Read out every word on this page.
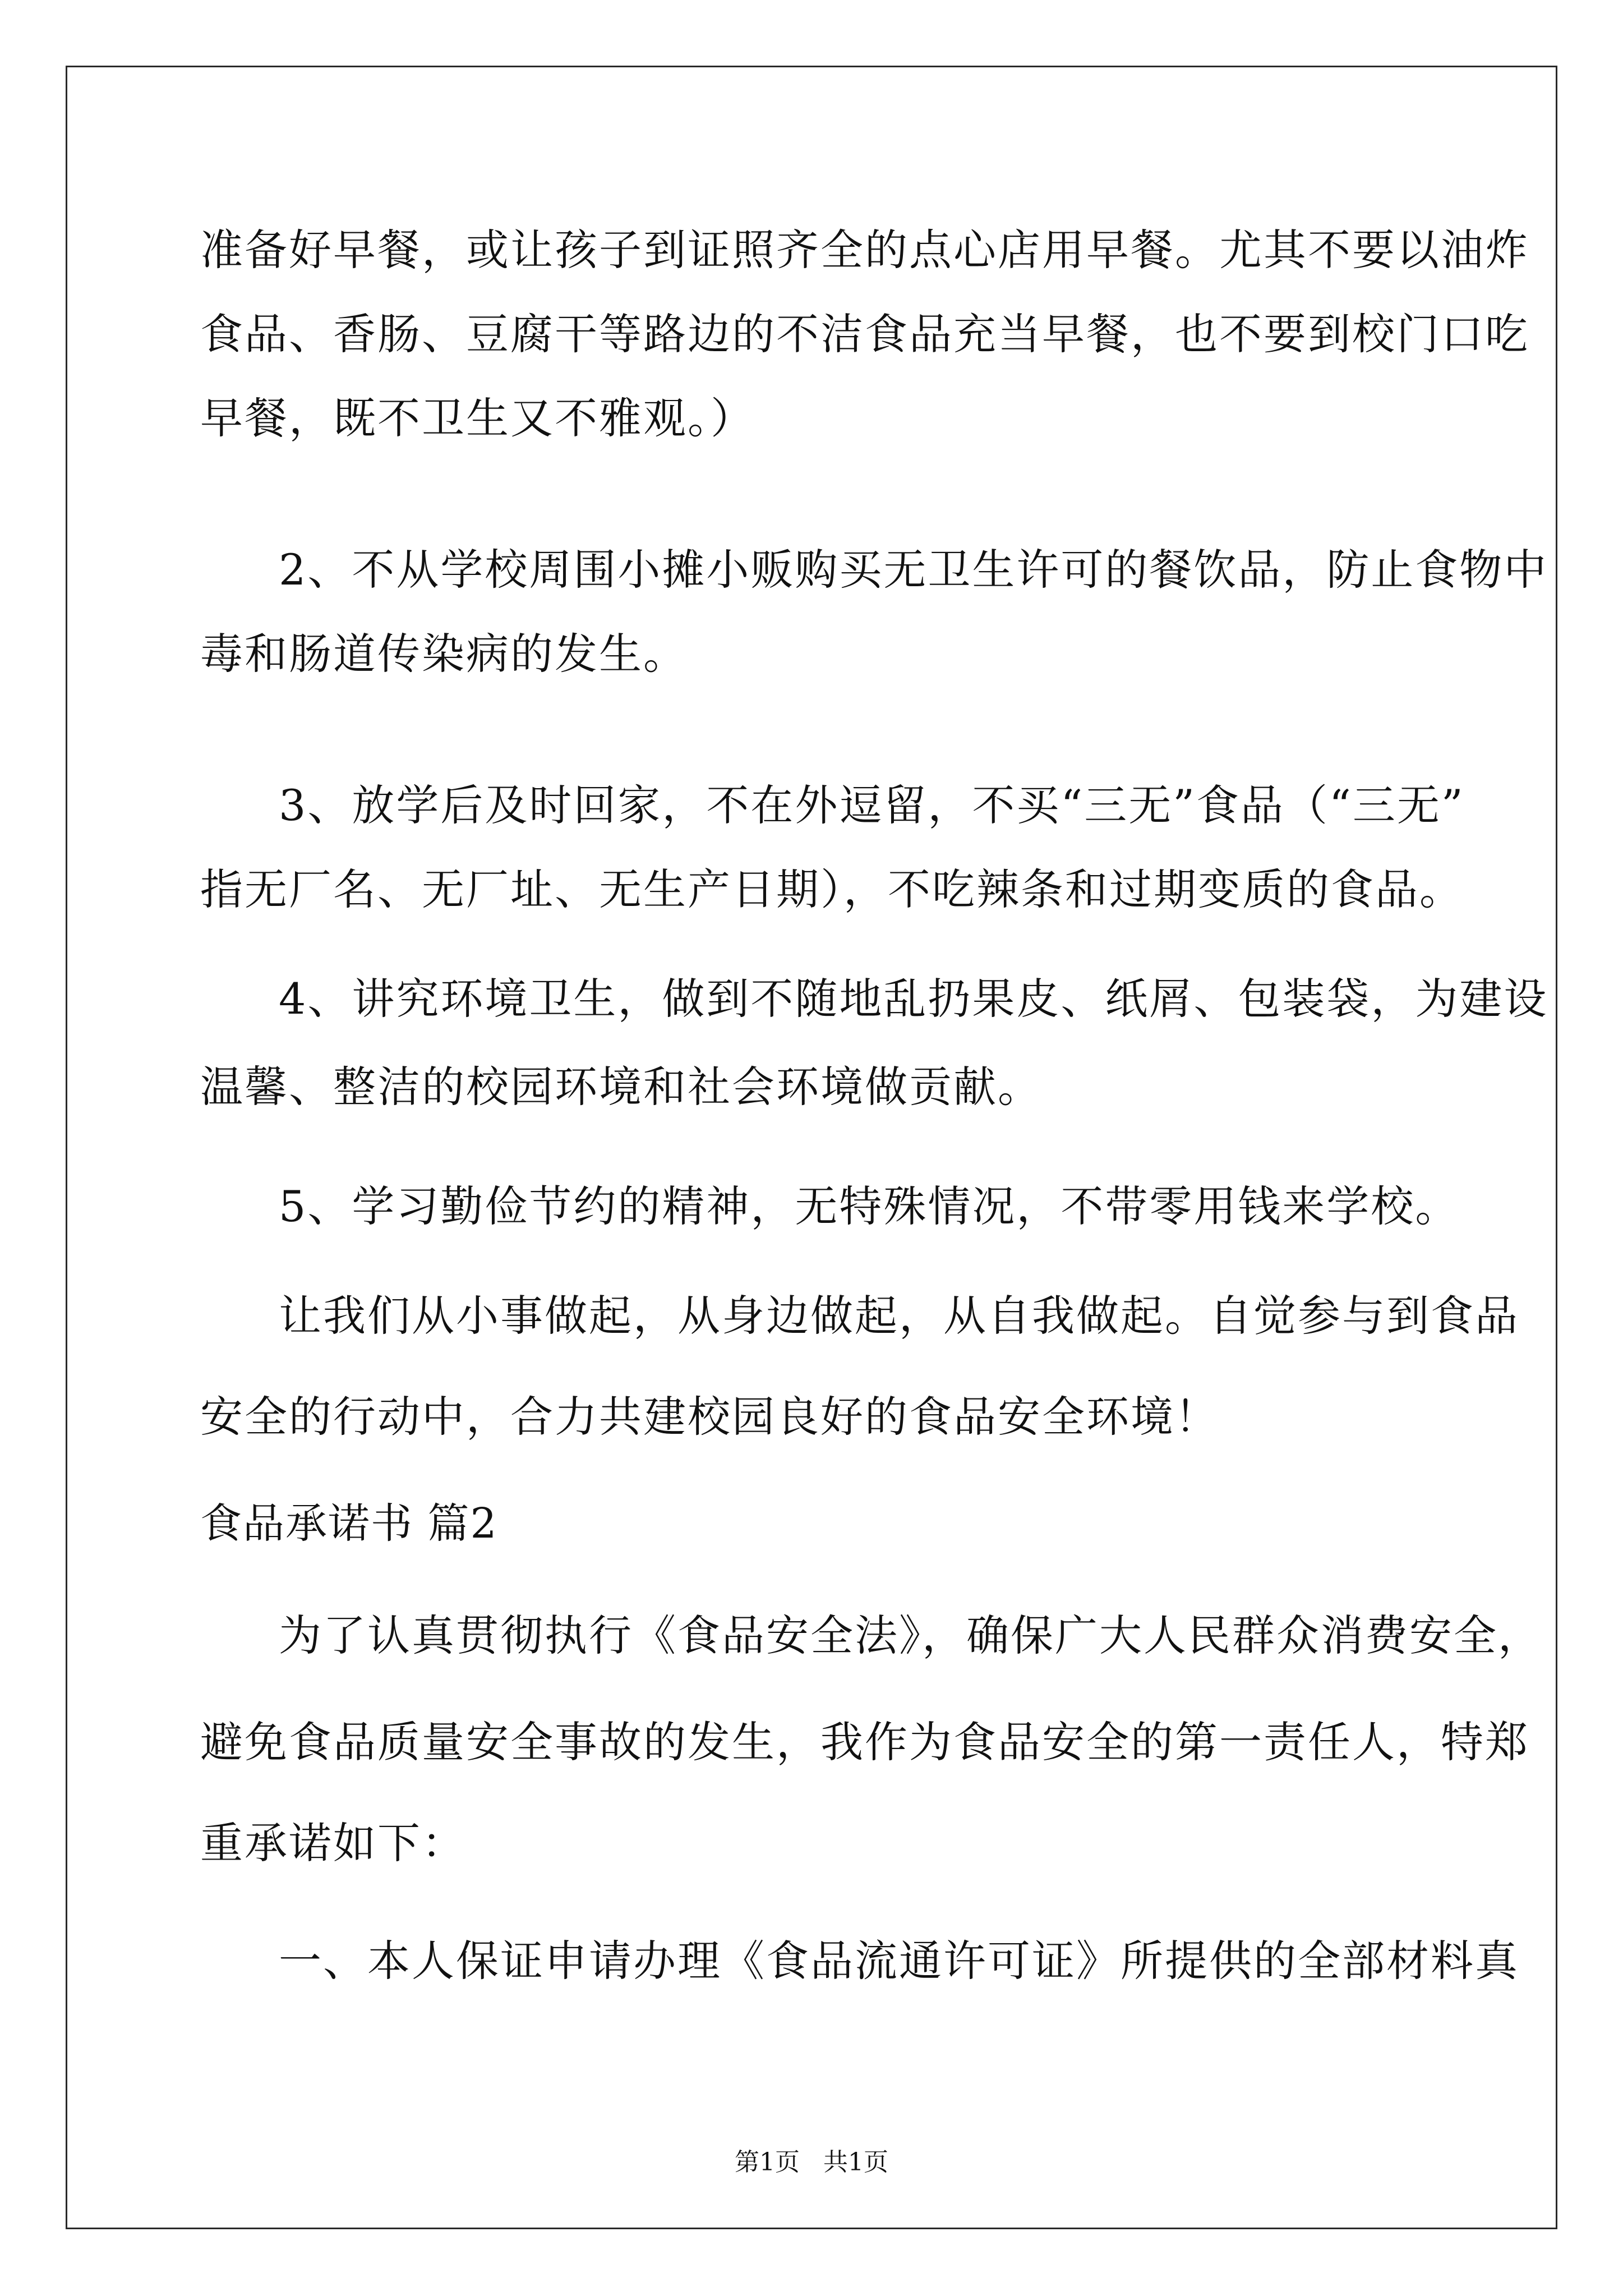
准备好早餐，或让孩子到证照齐全的点心店用早餐。尤其不要以油炸
食品、香肠、豆腐干等路边的不洁食品充当早餐，也不要到校门口吃
早餐，既不卫生又不雅观。）
2、不从学校周围小摊小贩购买无卫生许可的餐饮品，防止食物中
毒和肠道传染病的发生。
3、放学后及时回家，不在外逗留，不买“三无”食品（“三无”
指无厂名、无厂址、无生产日期），不吃辣条和过期变质的食品。
4、讲究环境卫生，做到不随地乱扔果皮、纸屑、包装袋，为建设
温馨、整洁的校园环境和社会环境做贡献。
5、学习勤俭节约的精神，无特殊情况，不带零用钱来学校。
让我们从小事做起，从身边做起，从自我做起。自觉参与到食品
安全的行动中，合力共建校园良好的食品安全环境！
食品承诺书 篇2
为了认真贯彻执行《食品安全法》，确保广大人民群众消费安全，
避免食品质量安全事故的发生，我作为食品安全的第一责任人，特郑
重承诺如下：
一、本人保证申请办理《食品流通许可证》所提供的全部材料真
第1页   共1页
